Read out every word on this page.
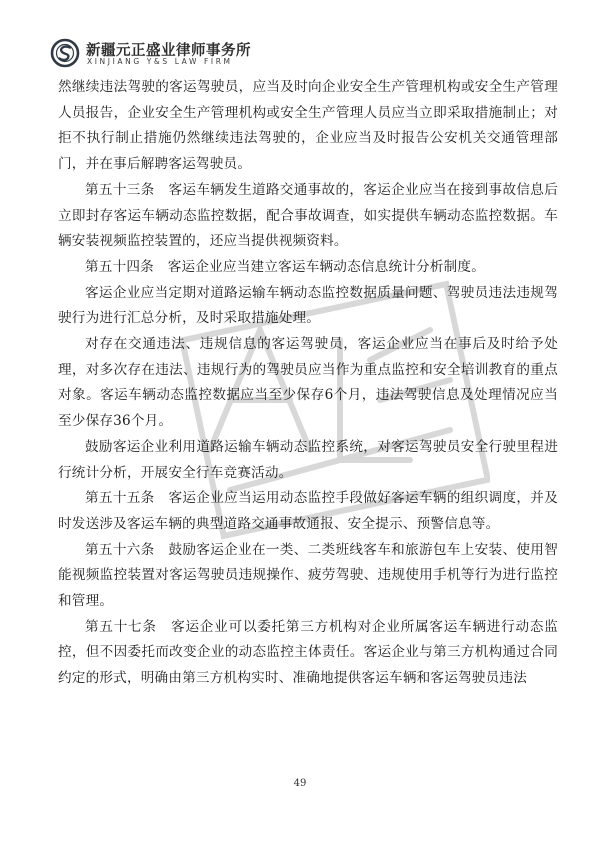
新疆元正盛业律师事务所
XINJIANG Y&S LAW FIRM

然继续违法驾驶的客运驾驶员，应当及时向企业安全生产管理机构或安全生产管理人员报告，企业安全生产管理机构或安全生产管理人员应当立即采取措施制止；对拒不执行制止措施仍然继续违法驾驶的，企业应当及时报告公安机关交通管理部门，并在事后解聘客运驾驶员。

第五十三条　客运车辆发生道路交通事故的，客运企业应当在接到事故信息后立即封存客运车辆动态监控数据，配合事故调查，如实提供车辆动态监控数据。车辆安装视频监控装置的，还应当提供视频资料。

第五十四条　客运企业应当建立客运车辆动态信息统计分析制度。

客运企业应当定期对道路运输车辆动态监控数据质量问题、驾驶员违法违规驾驶行为进行汇总分析，及时采取措施处理。

对存在交通违法、违规信息的客运驾驶员，客运企业应当在事后及时给予处理，对多次存在违法、违规行为的驾驶员应当作为重点监控和安全培训教育的重点对象。客运车辆动态监控数据应当至少保存6个月，违法驾驶信息及处理情况应当至少保存36个月。

鼓励客运企业利用道路运输车辆动态监控系统，对客运驾驶员安全行驶里程进行统计分析，开展安全行车竞赛活动。

第五十五条　客运企业应当运用动态监控手段做好客运车辆的组织调度，并及时发送涉及客运车辆的典型道路交通事故通报、安全提示、预警信息等。

第五十六条　鼓励客运企业在一类、二类班线客车和旅游包车上安装、使用智能视频监控装置对客运驾驶员违规操作、疲劳驾驶、违规使用手机等行为进行监控和管理。

第五十七条　客运企业可以委托第三方机构对企业所属客运车辆进行动态监控，但不因委托而改变企业的动态监控主体责任。客运企业与第三方机构通过合同约定的形式，明确由第三方机构实时、准确地提供客运车辆和客运驾驶员违法

49
